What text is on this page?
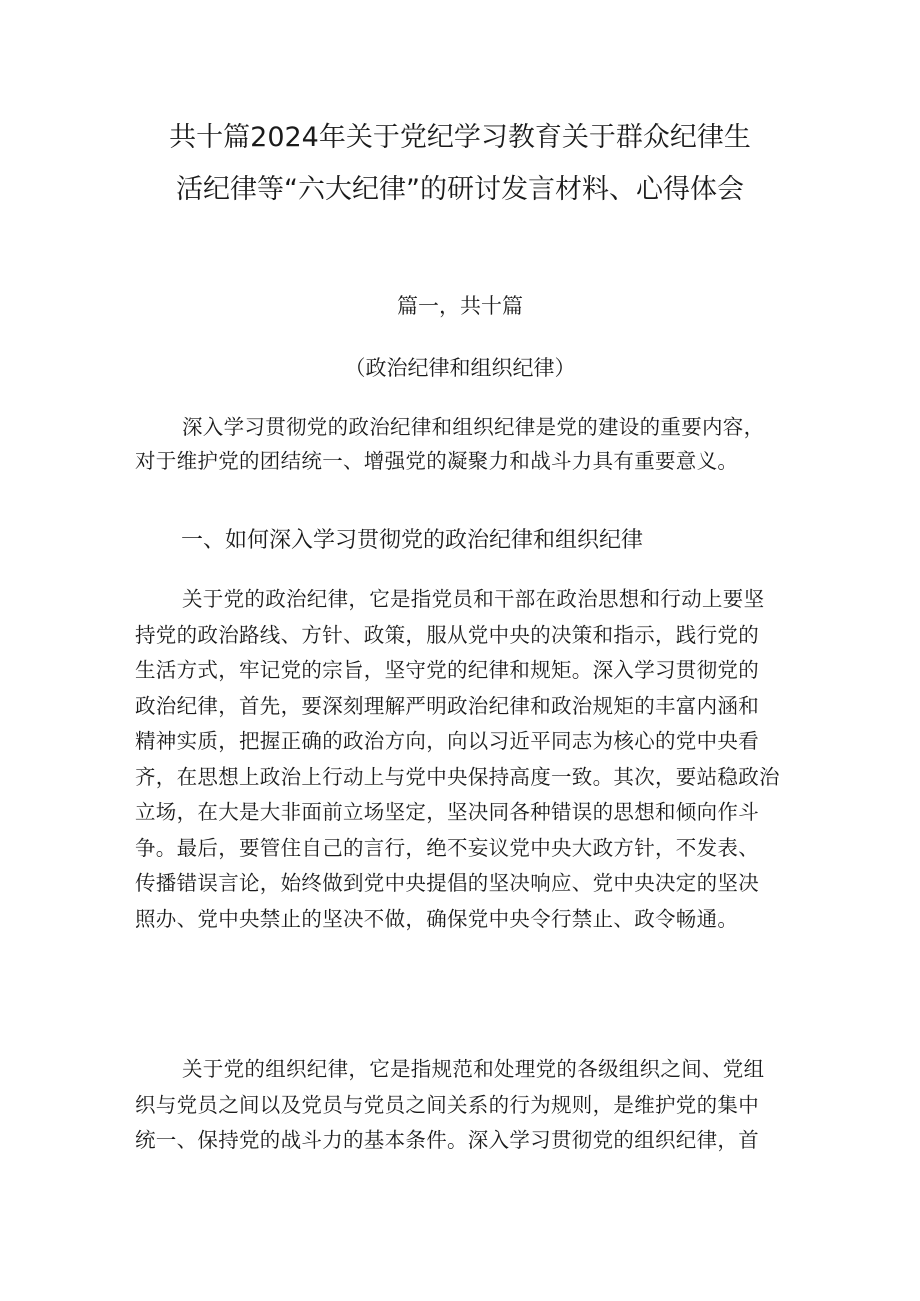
共十篇2024年关于党纪学习教育关于群众纪律生
活纪律等“六大纪律”的研讨发言材料、心得体会
篇一，共十篇
（政治纪律和组织纪律）
深入学习贯彻党的政治纪律和组织纪律是党的建设的重要内容，
对于维护党的团结统一、增强党的凝聚力和战斗力具有重要意义。
一、如何深入学习贯彻党的政治纪律和组织纪律
关于党的政治纪律，它是指党员和干部在政治思想和行动上要坚
持党的政治路线、方针、政策，服从党中央的决策和指示，践行党的
生活方式，牢记党的宗旨，坚守党的纪律和规矩。深入学习贯彻党的
政治纪律，首先，要深刻理解严明政治纪律和政治规矩的丰富内涵和
精神实质，把握正确的政治方向，向以习近平同志为核心的党中央看
齐，在思想上政治上行动上与党中央保持高度一致。其次，要站稳政治
立场，在大是大非面前立场坚定，坚决同各种错误的思想和倾向作斗
争。最后，要管住自己的言行，绝不妄议党中央大政方针，不发表、
传播错误言论，始终做到党中央提倡的坚决响应、党中央决定的坚决
照办、党中央禁止的坚决不做，确保党中央令行禁止、政令畅通。
关于党的组织纪律，它是指规范和处理党的各级组织之间、党组
织与党员之间以及党员与党员之间关系的行为规则，是维护党的集中
统一、保持党的战斗力的基本条件。深入学习贯彻党的组织纪律，首
